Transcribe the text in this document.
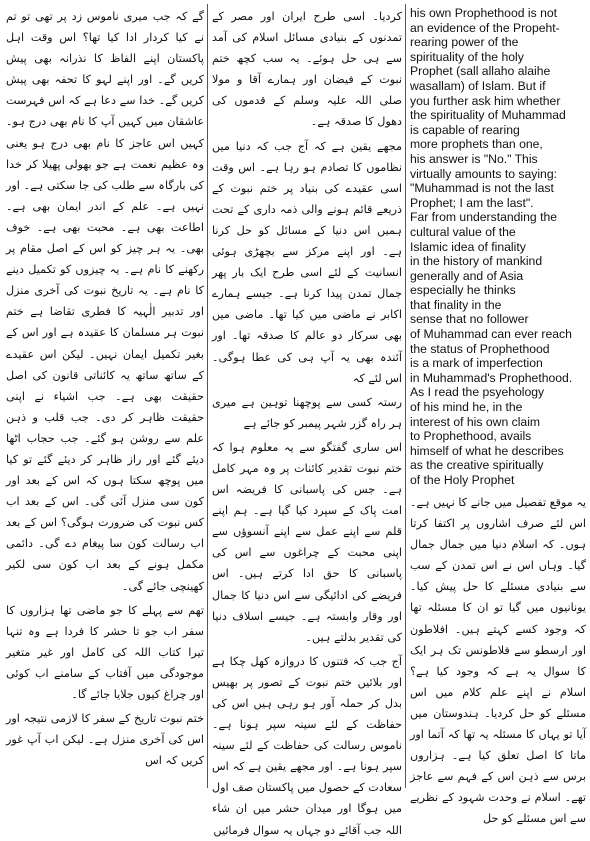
گے کہ جب میری ناموس زد پر تھی تو تم نے کیا کردار ادا کیا تھا؟ اس وقت اہل پاکستان اپنے الفاظ کا نذرانہ بھی پیش کریں گے۔ اور اپنے لہو کا تحفہ بھی پیش کریں گے۔ خدا سے دعا ہے کہ اس فہرست عاشقان میں کہیں آپ کا نام بھی درج ہو۔ کہیں اس عاجز کا نام بھی درج ہو یعنی وہ عظیم نعمت ہے جو بھولی پھیلا کر خدا کی بارگاہ سے طلب کی جا سکتی ہے۔ اور نہیں ہے۔ علم کے اندر ایمان بھی ہے۔ اطاعت بھی ہے۔ محبت بھی ہے۔ خوف بھی۔ یہ ہر چیز کو اس کے اصل مقام پر رکھنے کا نام ہے۔ یہ چیزوں کو تکمیل دینے کا نام ہے۔ یہ تاریخ نبوت کی آخری منزل اور تدبیر الٰہیہ کا فطری تقاضا ہے ختم نبوت ہر مسلمان کا عقیدہ ہے اور اس کے بغیر تکمیل ایمان نہیں۔ لیکن اس عقیدے کے ساتھ ساتھ یہ کائناتی قانون کی اصل حقیقت بھی ہے۔ جب اشیاء نے اپنی حقیقت ظاہر کر دی۔ جب قلب و ذہن علم سے روشن ہو گئے۔ جب حجاب اٹھا دیئے گئے اور راز ظاہر کر دیئے گئے تو کیا میں پوچھ سکتا ہوں کہ اس کے بعد اور کون سی منزل آئی گی۔ اس کے بعد اب کس نبوت کی ضرورت ہوگی؟ اس کے بعد اب رسالت کون سا پیغام دے گی۔ دائمی مکمل ہونے کے بعد اب کون سی لکیر کھینچی جائے گی۔

تھم سے پہلے کا جو ماضی تھا ہزاروں کا سفر اب جو تا حشر کا فردا ہے وہ تنہا تیرا کتاب اللہ کی کامل اور غیر متغیر موجودگی میں آفتاب کے سامنے اب کوئی اور چراغ کیوں جلایا جائے گا۔

ختم نبوت تاریخ کے سفر کا لازمی نتیجہ اور اس کی آخری منزل ہے۔ لیکن اب آپ غور کریں کہ اس

کردیا۔ اسی طرح ایران اور مصر کے تمدنوں کے بنیادی مسائل اسلام کی آمد سے ہی حل ہوئے۔ یہ سب کچھ ختم نبوت کے فیضان اور ہمارے آقا و مولا صلی اللہ علیہ وسلم کے قدموں کی دھول کا صدقہ ہے۔

مجھے یقین ہے کہ آج جب کہ دنیا میں نظاموں کا تصادم ہو رہا ہے۔ اس وقت اسی عقیدے کی بنیاد پر ختم نبوت کے ذریعے قائم ہونے والی ذمہ داری کے تحت ہمیں اس دنیا کے مسائل کو حل کرنا ہے۔ اور اپنے مرکز سے بچھڑی ہوئی انسانیت کے لئے اسی طرح ایک بار پھر جمال تمدن پیدا کرنا ہے۔ جیسے ہمارے اکابر نے ماضی میں کیا تھا۔ ماضی میں بھی سرکار دو عالم کا صدقہ تھا۔ اور آئندہ بھی یہ آپ ہی کی عطا ہوگی۔ اس لئے کہ

رستہ کسی سے پوچھنا توہین ہے میری ہر راہ گزر شہر پیمبر کو جائے ہے

اس ساری گفتگو سے یہ معلوم ہوا کہ ختم نبوت تقدیر کائنات پر وہ مہر کامل ہے۔ جس کی پاسبانی کا فریضہ اس امت پاک کے سپرد کیا گیا ہے۔ ہم اپنے قلم سے اپنے عمل سے اپنے آنسوؤں سے اپنی محبت کے چراغوں سے اس کی پاسبانی کا حق ادا کرتے ہیں۔ اس فریضے کی ادائیگی سے اس دنیا کا جمال اور وقار وابستہ ہے۔ جیسے اسلاف دنیا کی تقدیر بدلتے ہیں۔

آج جب کہ فتنوں کا دروازہ کھل چکا ہے اور بلائیں ختم نبوت کے تصور پر بھیس بدل کر حملہ آور ہو رہی ہیں اس کی حفاظت کے لئے سینہ سپر ہونا ہے۔ ناموس رسالت کی حفاظت کے لئے سینہ سپر ہونا ہے۔ اور مجھے یقین ہے کہ اس سعادت کے حصول میں پاکستان صف اول میں ہوگا اور میدان حشر میں ان شاء اللہ جب آقائے دو جہاں یہ سوال فرمائیں

his own Prophethood is not
an evidence of the Propeht-
rearing power of the
spirituality of the holy
Prophet (sall allaho alaihe
wasallam) of Islam. But if
you further ask him whether
the spirituality of Muhammad
is capable of rearing
more prophets than one,
his answer is "No." This
virtually amounts to saying:
"Muhammad is not the last
Prophet; I am the last".
Far from understanding the
cultural value of the
Islamic idea of finality
in the history of mankind
generally and of Asia
especially he thinks
that finality in the
sense that no follower
of Muhammad can ever reach
the status of Prophethood
is a mark of imperfection
in Muhammad's Prophethood.
As I read the psyehology
of his mind he, in the
interest of his own claim
to Prophethood, avails
himself of what he describes
as the creative spiritually
of the Holy Prophet

یہ موقع تفصیل میں جانے کا نہیں ہے۔ اس لئے صرف اشاروں پر اکتفا کرتا ہوں۔ کہ اسلام دنیا میں جمال جمال گیا۔ وہاں اس نے اس تمدن کے سب سے بنیادی مسئلے کا حل پیش کیا۔ یونانیوں میں گیا تو ان کا مسئلہ تھا کہ وجود کسے کہتے ہیں۔ افلاطون اور ارسطو سے فلاطونس تک ہر ایک کا سوال یہ ہے کہ وجود کیا ہے؟ اسلام نے اپنے علم کلام میں اس مسئلے کو حل کردیا۔ ہندوستان میں آیا تو یہاں کا مسئلہ یہ تھا کہ آتما اور ماتا کا اصل تعلق کیا ہے۔ ہزاروں برس سے ذہن اس کے فہم سے عاجز تھے۔ اسلام نے وحدت شہود کے نظریے سے اس مسئلے کو حل
